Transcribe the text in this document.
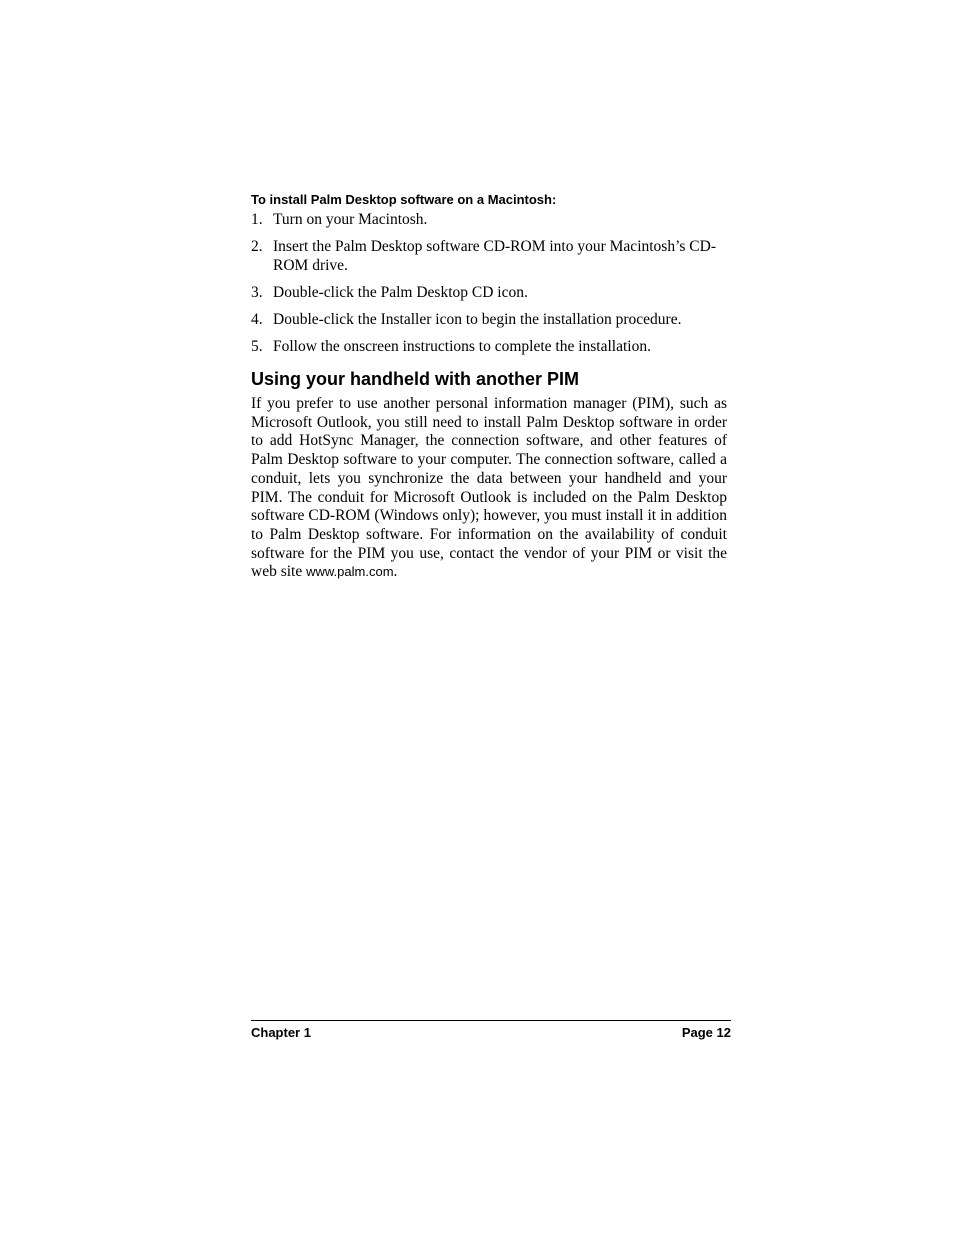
To install Palm Desktop software on a Macintosh:
1. Turn on your Macintosh.
2. Insert the Palm Desktop software CD-ROM into your Macintosh’s CD-ROM drive.
3. Double-click the Palm Desktop CD icon.
4. Double-click the Installer icon to begin the installation procedure.
5. Follow the onscreen instructions to complete the installation.
Using your handheld with another PIM

If you prefer to use another personal information manager (PIM), such as Microsoft Outlook, you still need to install Palm Desktop software in order to add HotSync Manager, the connection software, and other features of Palm Desktop software to your computer. The connection software, called a conduit, lets you synchronize the data between your handheld and your PIM. The conduit for Microsoft Outlook is included on the Palm Desktop software CD-ROM (Windows only); however, you must install it in addition to Palm Desktop software. For information on the availability of conduit software for the PIM you use, contact the vendor of your PIM or visit the web site www.palm.com.

Chapter 1	Page 12
